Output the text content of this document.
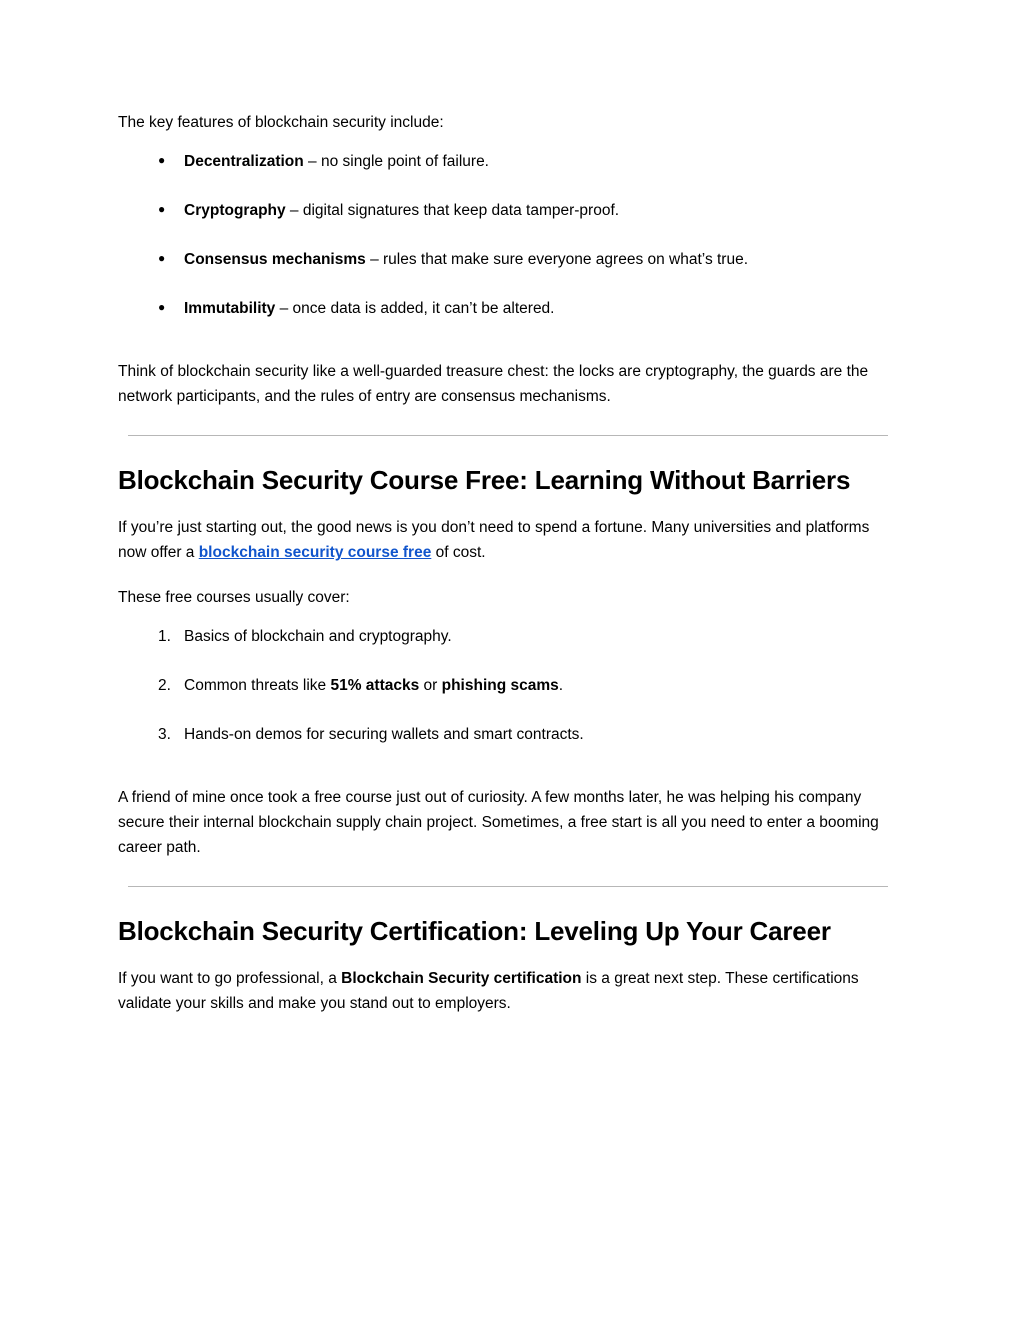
The key features of blockchain security include:

● Decentralization – no single point of failure.
● Cryptography – digital signatures that keep data tamper-proof.
● Consensus mechanisms – rules that make sure everyone agrees on what’s true.
● Immutability – once data is added, it can’t be altered.

Think of blockchain security like a well-guarded treasure chest: the locks are cryptography, the guards are the network participants, and the rules of entry are consensus mechanisms.

Blockchain Security Course Free: Learning Without Barriers

If you’re just starting out, the good news is you don’t need to spend a fortune. Many universities and platforms now offer a blockchain security course free of cost.

These free courses usually cover:

Basics of blockchain and cryptography.
Common threats like 51% attacks or phishing scams.
Hands-on demos for securing wallets and smart contracts.

A friend of mine once took a free course just out of curiosity. A few months later, he was helping his company secure their internal blockchain supply chain project. Sometimes, a free start is all you need to enter a booming career path.

Blockchain Security Certification: Leveling Up Your Career

If you want to go professional, a Blockchain Security certification is a great next step. These certifications validate your skills and make you stand out to employers.
